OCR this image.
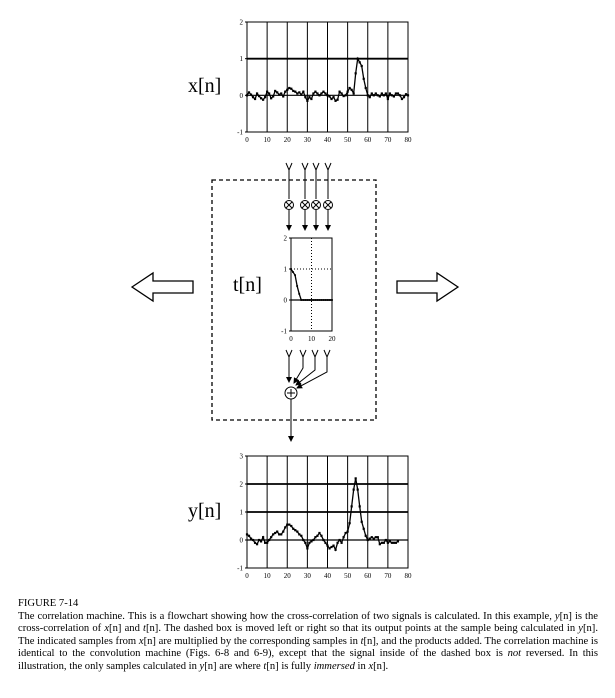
x[n]
2
1
0
-1
0 10 20 30 40 50 60 70 80
t[n]
2
1
0
-1
0 10 20
y[n]
3
2
1
0
-1
0 10 20 30 40 50 60 70 80
FIGURE 7-14
The correlation machine. This is a flowchart showing how the cross-correlation of two signals is calculated. In this example, y[n] is the cross-correlation of x[n] and t[n]. The dashed box is moved left or right so that its output points at the sample being calculated in y[n]. The indicated samples from x[n] are multiplied by the corresponding samples in t[n], and the products added. The correlation machine is identical to the convolution machine (Figs. 6-8 and 6-9), except that the signal inside of the dashed box is not reversed. In this illustration, the only samples calculated in y[n] are where t[n] is fully immersed in x[n].
